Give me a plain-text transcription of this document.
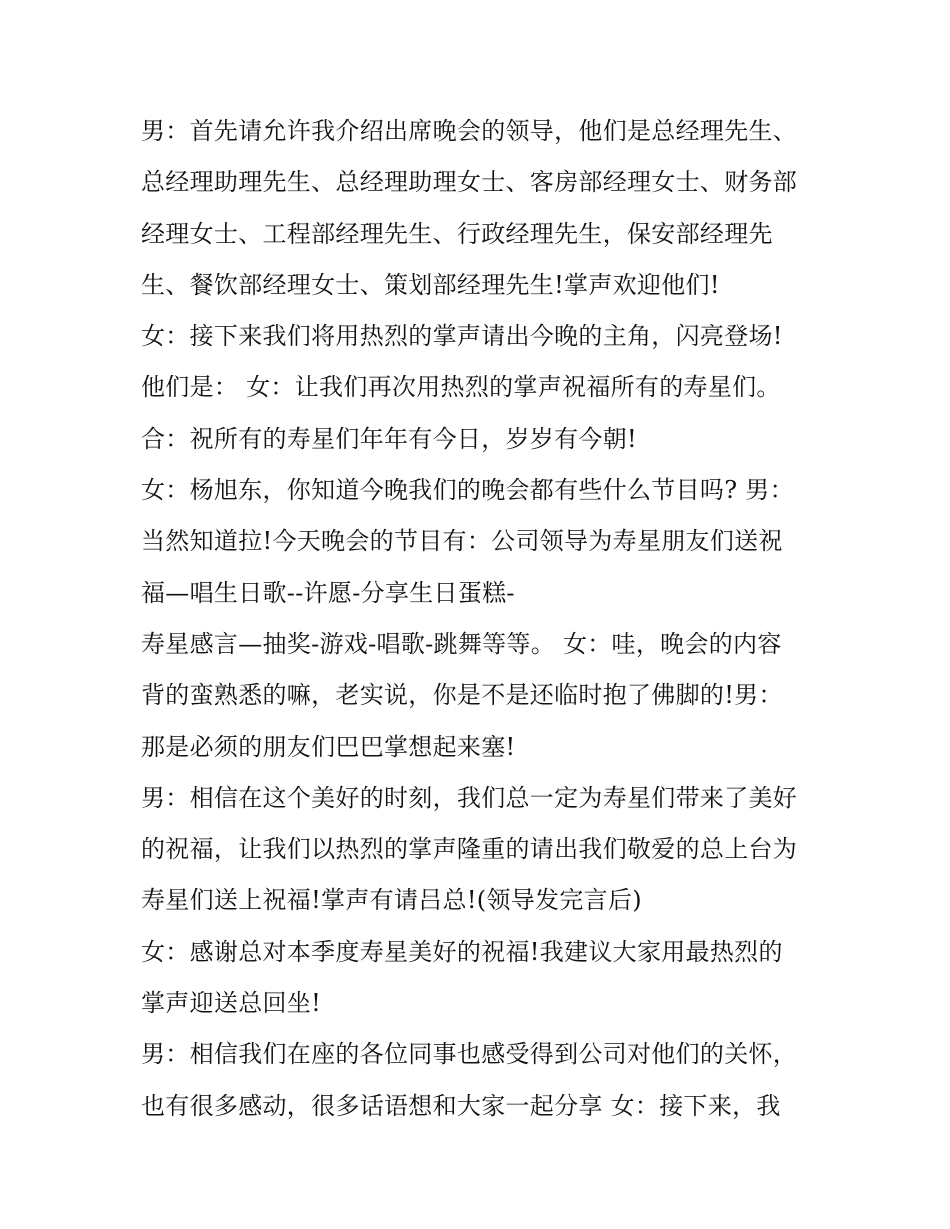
男：首先请允许我介绍出席晚会的领导，他们是总经理先生、
总经理助理先生、总经理助理女士、客房部经理女士、财务部
经理女士、工程部经理先生、行政经理先生，保安部经理先
生、餐饮部经理女士、策划部经理先生!掌声欢迎他们!
女：接下来我们将用热烈的掌声请出今晚的主角，闪亮登场!
他们是： 女：让我们再次用热烈的掌声祝福所有的寿星们。
合：祝所有的寿星们年年有今日，岁岁有今朝!
女：杨旭东，你知道今晚我们的晚会都有些什么节目吗? 男：
当然知道拉!今天晚会的节目有：公司领导为寿星朋友们送祝
福—唱生日歌--许愿-分享生日蛋糕-
寿星感言—抽奖-游戏-唱歌-跳舞等等。 女：哇，晚会的内容
背的蛮熟悉的嘛，老实说，你是不是还临时抱了佛脚的!男：
那是必须的朋友们巴巴掌想起来塞!
男：相信在这个美好的时刻，我们总一定为寿星们带来了美好
的祝福，让我们以热烈的掌声隆重的请出我们敬爱的总上台为
寿星们送上祝福!掌声有请吕总!(领导发完言后)
女：感谢总对本季度寿星美好的祝福!我建议大家用最热烈的
掌声迎送总回坐!
男：相信我们在座的各位同事也感受得到公司对他们的关怀，
也有很多感动，很多话语想和大家一起分享 女：接下来，我
